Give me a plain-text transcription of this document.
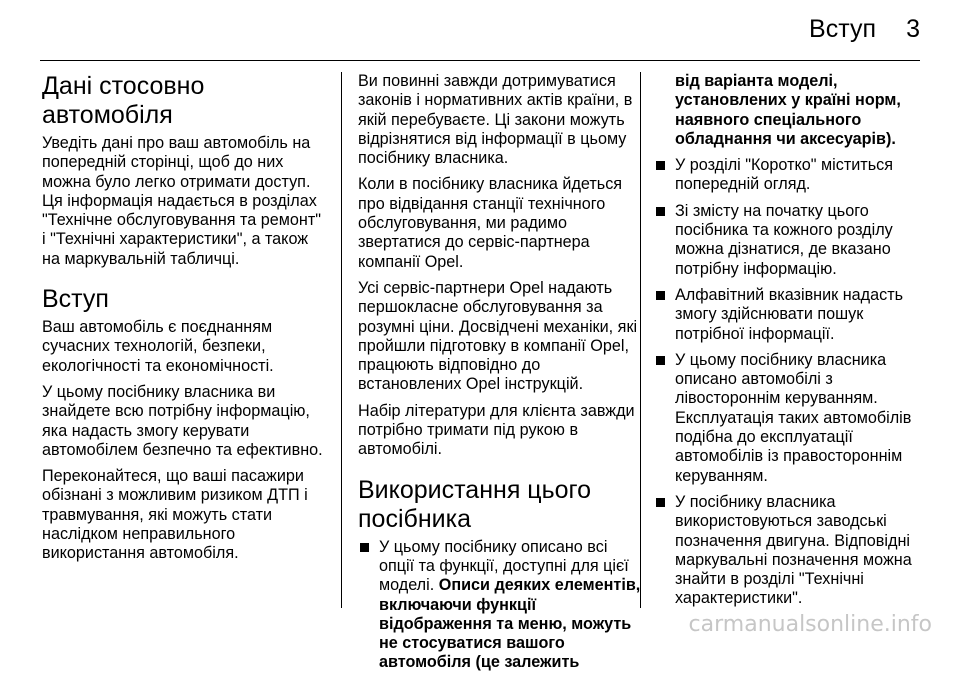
Вступ 3
Дані стосовно автомобіля

Уведіть дані про ваш автомобіль на попередній сторінці, щоб до них можна було легко отримати доступ. Ця інформація надається в розділах "Технічне обслуговування та ремонт" і "Технічні характеристики", а також на маркувальній табличці.

Вступ

Ваш автомобіль є поєднанням сучасних технологій, безпеки, екологічності та економічності.

У цьому посібнику власника ви знайдете всю потрібну інформацію, яка надасть змогу керувати автомобілем безпечно та ефективно.

Переконайтеся, що ваші пасажири обізнані з можливим ризиком ДТП і травмування, які можуть стати наслідком неправильного використання автомобіля.

Ви повинні завжди дотримуватися законів і нормативних актів країни, в якій перебуваєте. Ці закони можуть відрізнятися від інформації в цьому посібнику власника.

Коли в посібнику власника йдеться про відвідання станції технічного обслуговування, ми радимо звертатися до сервіс-партнера компанії Opel.

Усі сервіс-партнери Opel надають першокласне обслуговування за розумні ціни. Досвідчені механіки, які пройшли підготовку в компанії Opel, працюють відповідно до встановлених Opel інструкцій.

Набір літератури для клієнта завжди потрібно тримати під рукою в автомобілі.

Використання цього посібника
У цьому посібнику описано всі опції та функції, доступні для цієї моделі. Описи деяких елементів, включаючи функції відображення та меню, можуть не стосуватися вашого автомобіля (це залежить
від варіанта моделі, установлених у країні норм, наявного спеціального обладнання чи аксесуарів).
У розділі "Коротко" міститься попередній огляд.
Зі змісту на початку цього посібника та кожного розділу можна дізнатися, де вказано потрібну інформацію.
Алфавітний вказівник надасть змогу здійснювати пошук потрібної інформації.
У цьому посібнику власника описано автомобілі з лівостороннім керуванням. Експлуатація таких автомобілів подібна до експлуатації автомобілів із правостороннім керуванням.
У посібнику власника використовуються заводські позначення двигуна. Відповідні маркувальні позначення можна знайти в розділі "Технічні характеристики".
carmanualsonline.info
